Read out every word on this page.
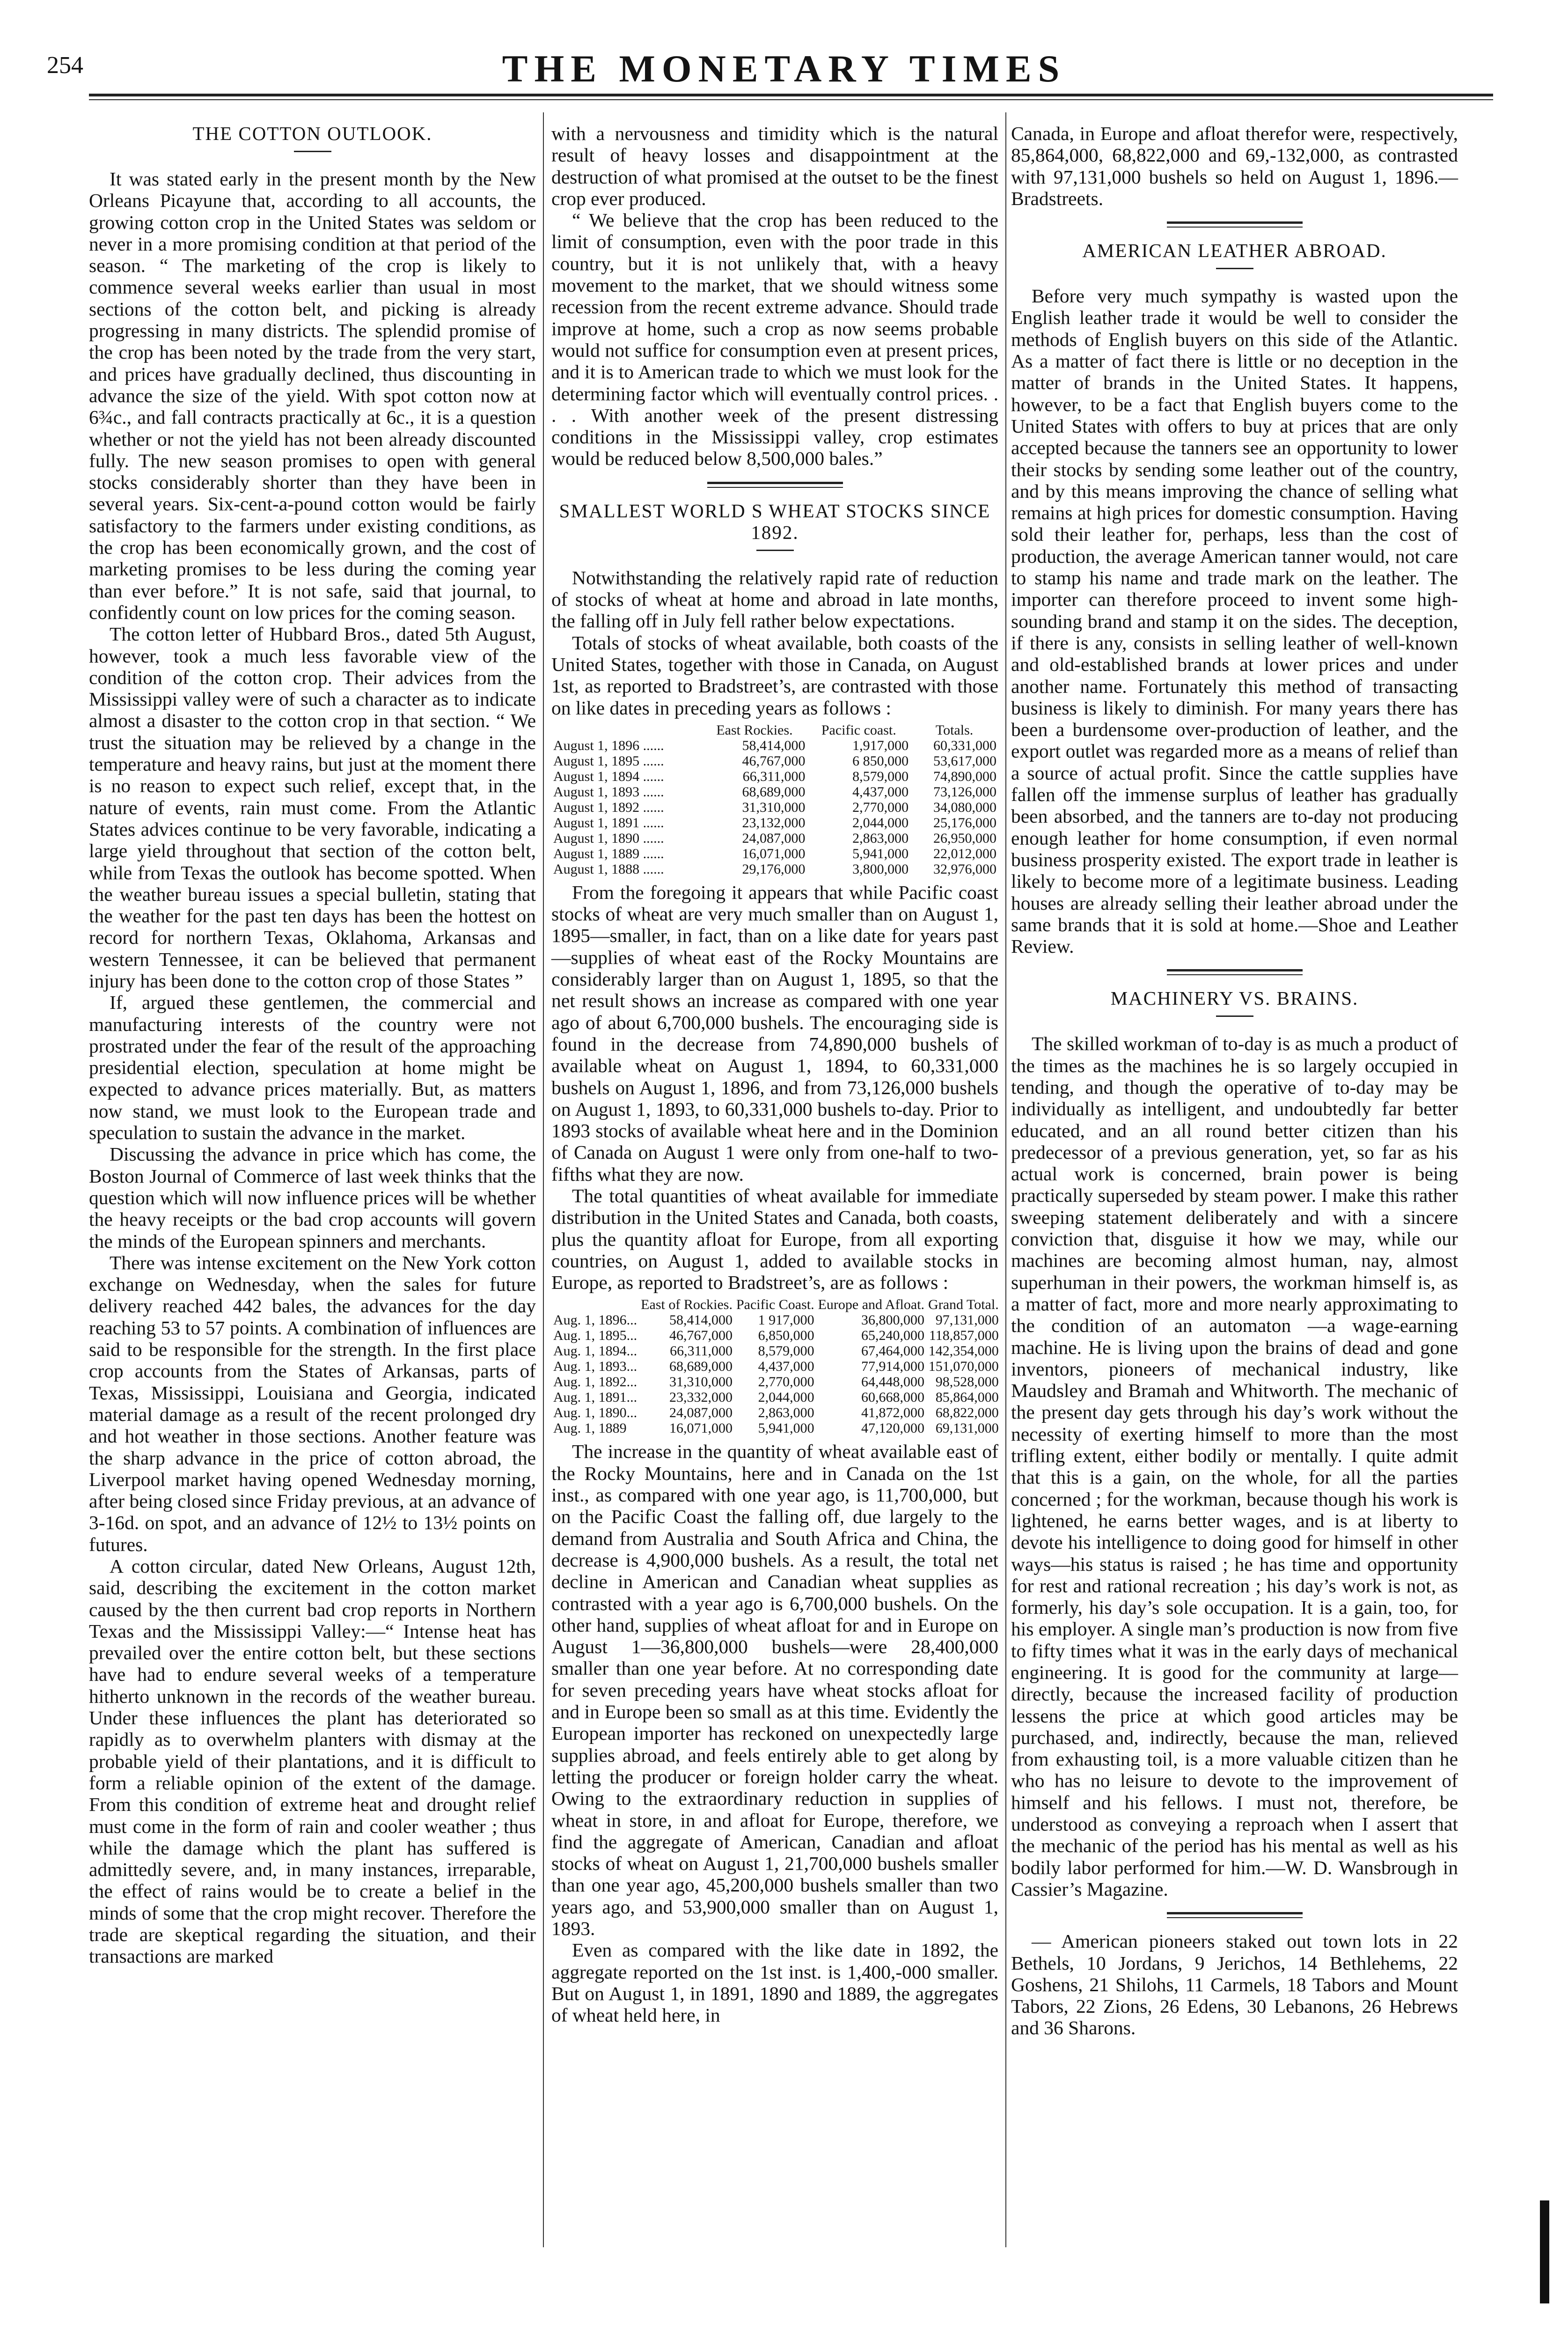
254	THE MONETARY TIMES
THE COTTON OUTLOOK.

It was stated early in the present month by the New Orleans Picayune that, according to all accounts, the growing cotton crop in the United States was seldom or never in a more promising condition at that period of the season. “ The marketing of the crop is likely to commence several weeks earlier than usual in most sections of the cotton belt, and picking is already progressing in many districts. The splendid promise of the crop has been noted by the trade from the very start, and prices have gradually declined, thus discounting in advance the size of the yield. With spot cotton now at 6¾c., and fall contracts practically at 6c., it is a question whether or not the yield has not been already discounted fully. The new season promises to open with general stocks considerably shorter than they have been in several years. Six-cent-a-pound cotton would be fairly satisfactory to the farmers under existing conditions, as the crop has been economically grown, and the cost of marketing promises to be less during the coming year than ever before.” It is not safe, said that journal, to confidently count on low prices for the coming season.

The cotton letter of Hubbard Bros., dated 5th August, however, took a much less favorable view of the condition of the cotton crop. Their advices from the Mississippi valley were of such a character as to indicate almost a disaster to the cotton crop in that section. “ We trust the situation may be relieved by a change in the temperature and heavy rains, but just at the moment there is no reason to expect such relief, except that, in the nature of events, rain must come. From the Atlantic States advices continue to be very favorable, indicating a large yield throughout that section of the cotton belt, while from Texas the outlook has become spotted. When the weather bureau issues a special bulletin, stating that the weather for the past ten days has been the hottest on record for northern Texas, Oklahoma, Arkansas and western Tennessee, it can be believed that permanent injury has been done to the cotton crop of those States ”

If, argued these gentlemen, the commercial and manufacturing interests of the country were not prostrated under the fear of the result of the approaching presidential election, speculation at home might be expected to advance prices materially. But, as matters now stand, we must look to the European trade and speculation to sustain the advance in the market.

Discussing the advance in price which has come, the Boston Journal of Commerce of last week thinks that the question which will now influence prices will be whether the heavy receipts or the bad crop accounts will govern the minds of the European spinners and merchants.

There was intense excitement on the New York cotton exchange on Wednesday, when the sales for future delivery reached 442 bales, the advances for the day reaching 53 to 57 points. A combination of influences are said to be responsible for the strength. In the first place crop accounts from the States of Arkansas, parts of Texas, Mississippi, Louisiana and Georgia, indicated material damage as a result of the recent prolonged dry and hot weather in those sections. Another feature was the sharp advance in the price of cotton abroad, the Liverpool market having opened Wednesday morning, after being closed since Friday previous, at an advance of 3-16d. on spot, and an advance of 12½ to 13½ points on futures.

A cotton circular, dated New Orleans, August 12th, said, describing the excitement in the cotton market caused by the then current bad crop reports in Northern Texas and the Mississippi Valley:—“ Intense heat has prevailed over the entire cotton belt, but these sections have had to endure several weeks of a temperature hitherto unknown in the records of the weather bureau. Under these influences the plant has deteriorated so rapidly as to overwhelm planters with dismay at the probable yield of their plantations, and it is difficult to form a reliable opinion of the extent of the damage. From this condition of extreme heat and drought relief must come in the form of rain and cooler weather ; thus while the damage which the plant has suffered is admittedly severe, and, in many instances, irreparable, the effect of rains would be to create a belief in the minds of some that the crop might recover. Therefore the trade are skeptical regarding the situation, and their transactions are marked

with a nervousness and timidity which is the natural result of heavy losses and disappointment at the destruction of what promised at the outset to be the finest crop ever produced.

“ We believe that the crop has been reduced to the limit of consumption, even with the poor trade in this country, but it is not unlikely that, with a heavy movement to the market, that we should witness some recession from the recent extreme advance. Should trade improve at home, such a crop as now seems probable would not suffice for consumption even at present prices, and it is to American trade to which we must look for the determining factor which will eventually control prices. . . . With another week of the present distressing conditions in the Mississippi valley, crop estimates would be reduced below 8,500,000 bales.”

SMALLEST WORLD S WHEAT STOCKS SINCE 1892.

Notwithstanding the relatively rapid rate of reduction of stocks of wheat at home and abroad in late months, the falling off in July fell rather below expectations.

Totals of stocks of wheat available, both coasts of the United States, together with those in Canada, on August 1st, as reported to Bradstreet’s, are contrasted with those on like dates in preceding years as follows :

	East Rockies.	Pacific coast.	Totals.
August 1, 1896 ......	58,414,000	1,917,000	60,331,000
August 1, 1895 ......	46,767,000	6 850,000	53,617,000
August 1, 1894 ......	66,311,000	8,579,000	74,890,000
August 1, 1893 ......	68,689,000	4,437,000	73,126,000
August 1, 1892 ......	31,310,000	2,770,000	34,080,000
August 1, 1891 ......	23,132,000	2,044,000	25,176,000
August 1, 1890 ......	24,087,000	2,863,000	26,950,000
August 1, 1889 ......	16,071,000	5,941,000	22,012,000
August 1, 1888 ......	29,176,000	3,800,000	32,976,000

From the foregoing it appears that while Pacific coast stocks of wheat are very much smaller than on August 1, 1895—smaller, in fact, than on a like date for years past—supplies of wheat east of the Rocky Mountains are considerably larger than on August 1, 1895, so that the net result shows an increase as compared with one year ago of about 6,700,000 bushels. The encouraging side is found in the decrease from 74,890,000 bushels of available wheat on August 1, 1894, to 60,331,000 bushels on August 1, 1896, and from 73,126,000 bushels on August 1, 1893, to 60,331,000 bushels to-day. Prior to 1893 stocks of available wheat here and in the Dominion of Canada on August 1 were only from one-half to two-fifths what they are now.

The total quantities of wheat available for immediate distribution in the United States and Canada, both coasts, plus the quantity afloat for Europe, from all exporting countries, on August 1, added to available stocks in Europe, as reported to Bradstreet’s, are as follows :

	East of Rockies.	Pacific Coast.	Europe and Afloat.	Grand Total.
Aug. 1, 1896...	58,414,000	1 917,000	36,800,000	97,131,000
Aug. 1, 1895...	46,767,000	6,850,000	65,240,000	118,857,000
Aug. 1, 1894...	66,311,000	8,579,000	67,464,000	142,354,000
Aug. 1, 1893...	68,689,000	4,437,000	77,914,000	151,070,000
Aug. 1, 1892...	31,310,000	2,770,000	64,448,000	98,528,000
Aug. 1, 1891...	23,332,000	2,044,000	60,668,000	85,864,000
Aug. 1, 1890...	24,087,000	2,863,000	41,872,000	68,822,000
Aug. 1, 1889	16,071,000	5,941,000	47,120,000	69,131,000

The increase in the quantity of wheat available east of the Rocky Mountains, here and in Canada on the 1st inst., as compared with one year ago, is 11,700,000, but on the Pacific Coast the falling off, due largely to the demand from Australia and South Africa and China, the decrease is 4,900,000 bushels. As a result, the total net decline in American and Canadian wheat supplies as contrasted with a year ago is 6,700,000 bushels. On the other hand, supplies of wheat afloat for and in Europe on August 1—36,800,000 bushels—were 28,400,000 smaller than one year before. At no corresponding date for seven preceding years have wheat stocks afloat for and in Europe been so small as at this time. Evidently the European importer has reckoned on unexpectedly large supplies abroad, and feels entirely able to get along by letting the producer or foreign holder carry the wheat. Owing to the extraordinary reduction in supplies of wheat in store, in and afloat for Europe, therefore, we find the aggregate of American, Canadian and afloat stocks of wheat on August 1, 21,700,000 bushels smaller than one year ago, 45,200,000 bushels smaller than two years ago, and 53,900,000 smaller than on August 1, 1893.

Even as compared with the like date in 1892, the aggregate reported on the 1st inst. is 1,400,-000 smaller. But on August 1, in 1891, 1890 and 1889, the aggregates of wheat held here, in

Canada, in Europe and afloat therefor were, respectively, 85,864,000, 68,822,000 and 69,-132,000, as contrasted with 97,131,000 bushels so held on August 1, 1896.—Bradstreets.

AMERICAN LEATHER ABROAD.

Before very much sympathy is wasted upon the English leather trade it would be well to consider the methods of English buyers on this side of the Atlantic. As a matter of fact there is little or no deception in the matter of brands in the United States. It happens, however, to be a fact that English buyers come to the United States with offers to buy at prices that are only accepted because the tanners see an opportunity to lower their stocks by sending some leather out of the country, and by this means improving the chance of selling what remains at high prices for domestic consumption. Having sold their leather for, perhaps, less than the cost of production, the average American tanner would, not care to stamp his name and trade mark on the leather. The importer can therefore proceed to invent some high-sounding brand and stamp it on the sides. The deception, if there is any, consists in selling leather of well-known and old-established brands at lower prices and under another name. Fortunately this method of transacting business is likely to diminish. For many years there has been a burdensome over-production of leather, and the export outlet was regarded more as a means of relief than a source of actual profit. Since the cattle supplies have fallen off the immense surplus of leather has gradually been absorbed, and the tanners are to-day not producing enough leather for home consumption, if even normal business prosperity existed. The export trade in leather is likely to become more of a legitimate business. Leading houses are already selling their leather abroad under the same brands that it is sold at home.—Shoe and Leather Review.

MACHINERY VS. BRAINS.

The skilled workman of to-day is as much a product of the times as the machines he is so largely occupied in tending, and though the operative of to-day may be individually as intelligent, and undoubtedly far better educated, and an all round better citizen than his predecessor of a previous generation, yet, so far as his actual work is concerned, brain power is being practically superseded by steam power. I make this rather sweeping statement deliberately and with a sincere conviction that, disguise it how we may, while our machines are becoming almost human, nay, almost superhuman in their powers, the workman himself is, as a matter of fact, more and more nearly approximating to the condition of an automaton —a wage-earning machine. He is living upon the brains of dead and gone inventors, pioneers of mechanical industry, like Maudsley and Bramah and Whitworth. The mechanic of the present day gets through his day’s work without the necessity of exerting himself to more than the most trifling extent, either bodily or mentally. I quite admit that this is a gain, on the whole, for all the parties concerned ; for the workman, because though his work is lightened, he earns better wages, and is at liberty to devote his intelligence to doing good for himself in other ways—his status is raised ; he has time and opportunity for rest and rational recreation ; his day’s work is not, as formerly, his day’s sole occupation. It is a gain, too, for his employer. A single man’s production is now from five to fifty times what it was in the early days of mechanical engineering. It is good for the community at large—directly, because the increased facility of production lessens the price at which good articles may be purchased, and, indirectly, because the man, relieved from exhausting toil, is a more valuable citizen than he who has no leisure to devote to the improvement of himself and his fellows. I must not, therefore, be understood as conveying a reproach when I assert that the mechanic of the period has his mental as well as his bodily labor performed for him.—W. D. Wansbrough in Cassier’s Magazine.

— American pioneers staked out town lots in 22 Bethels, 10 Jordans, 9 Jerichos, 14 Bethlehems, 22 Goshens, 21 Shilohs, 11 Carmels, 18 Tabors and Mount Tabors, 22 Zions, 26 Edens, 30 Lebanons, 26 Hebrews and 36 Sharons.
